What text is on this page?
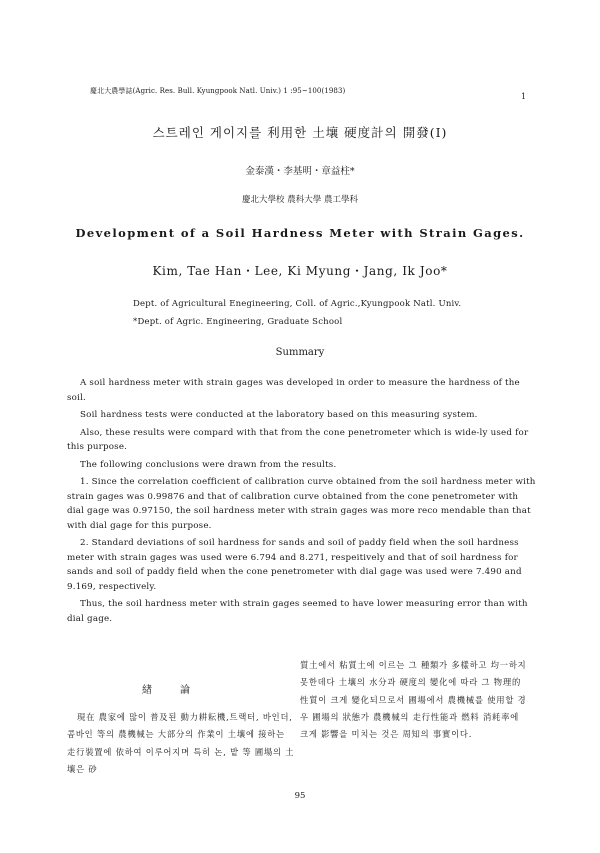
慶北大農學誌(Agric. Res. Bull. Kyungpook Natl. Univ.) 1 :95~100(1983)
1
스트레인 게이지를 利用한 土壤 硬度計의 開發(Ⅰ)
金泰漢・李基明・章益柱*
慶北大學校 農科大學 農工學科
Development of a Soil Hardness Meter with Strain Gages.
Kim, Tae Han・Lee, Ki Myung・Jang, Ik Joo*
Dept. of Agricultural Enegineering, Coll. of Agric.,Kyungpook Natl. Univ.
*Dept. of Agric. Engineering, Graduate School
Summary

A soil hardness meter with strain gages was developed in order to measure the hardness of the soil.

Soil hardness tests were conducted at the laboratory based on this measuring system.

Also, these results were compard with that from the cone penetrometer which is wide-ly used for this purpose.

The following conclusions were drawn from the results.

1. Since the correlation coefficient of calibration curve obtained from the soil hardness meter with strain gages was 0.99876 and that of calibration curve obtained from the cone penetrometer with dial gage was 0.97150, the soil hardness meter with strain gages was more reco mendable than that with dial gage for this purpose.

2. Standard deviations of soil hardness for sands and soil of paddy field when the soil hardness meter with strain gages was used were 6.794 and 8.271, respeitively and that of soil hardness for sands and soil of paddy field when the cone penetrometer with dial gage was used were 7.490 and 9.169, respectively.

Thus, the soil hardness meter with strain gages seemed to have lower measuring error than with dial gage.

緖論

現在 農家에 많이 普及된 動力耕耘機,트랙터, 바인더, 콤바인 等의 農機械는 大部分의 作業이 土壤에 接하는 走行裝置에 依하여 이루어지며 특히 논, 밭 等 圃場의 土壤은 砂

質土에서 粘質土에 이르는 그 種類가 多樣하고 均一하지 못한데다 土壤의 水分과 硬度의 變化에 따라 그 物理的 性質이 크게 變化되므로서 圃場에서 農機械를 使用할 경우 圃場의 狀態가 農機械의 走行性能과 燃料 消耗率에 크게 影響을 미치는 것은 周知의 事實이다.

95
